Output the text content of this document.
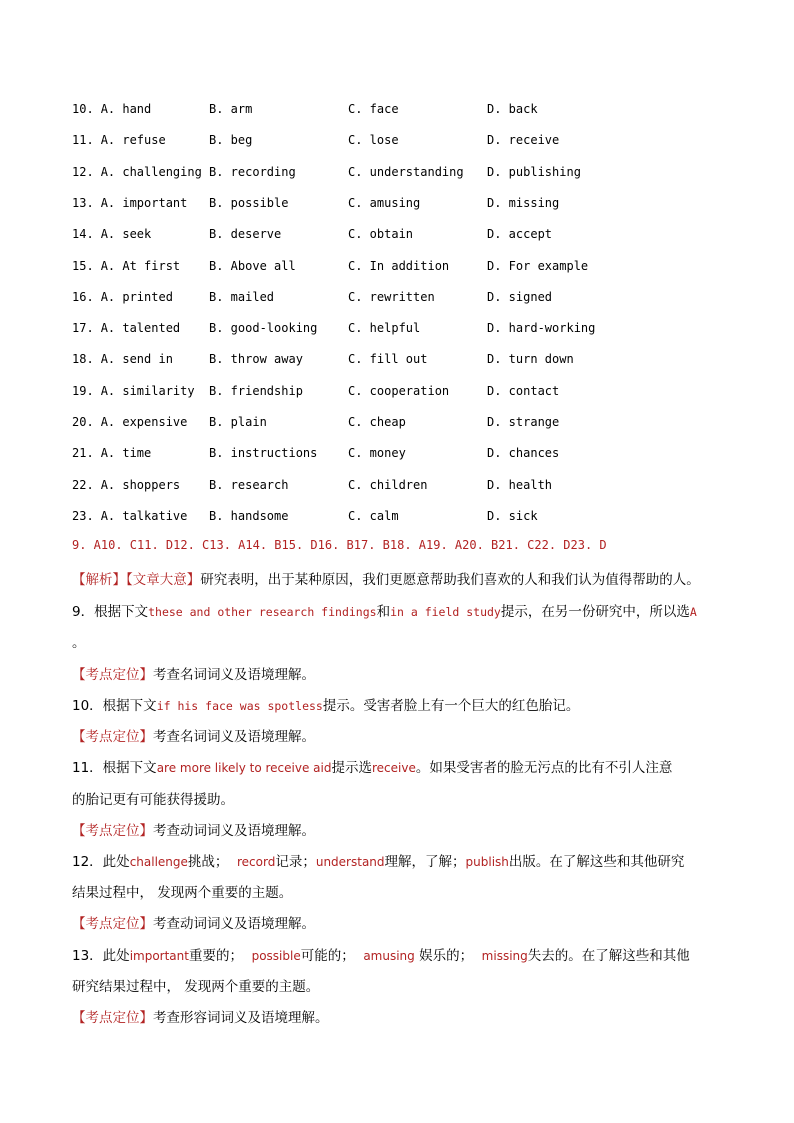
10. A. hand	B. arm	C. face	D. back
11. A. refuse	B. beg	C. lose	D. receive
12. A. challenging B. recording	C. understanding D. publishing
13. A. important B. possible	C. amusing	D. missing
14. A. seek	B. deserve	C. obtain	D. accept
15. A. At first B. Above all	C. In addition	D. For example
16. A. printed	B. mailed	C. rewritten	D. signed
17. A. talented B. good-looking	C. helpful	D. hard-working
18. A. send in	B. throw away	C. fill out	D. turn down
19. A. similarity B. friendship	C. cooperation	D. contact
20. A. expensive B. plain	C. cheap	D. strange
21. A. time	B. instructions	C. money	D. chances
22. A. shoppers B. research	C. children	D. health
23. A. talkative B. handsome	C. calm	D. sick
9. A10. C11. D12. C13. A14. B15. D16. B17. B18. A19. A20. B21. C22. D23. D
【解析】【文章大意】研究表明，出于某种原因，我们更愿意帮助我们喜欢的人和我们认为值得帮助的人。
9．根据下文these and other research findings和in a field study提示，在另一份研究中，所以选A
。
【考点定位】考查名词词义及语境理解。
10．根据下文if his face was spotless提示。受害者脸上有一个巨大的红色胎记。
【考点定位】考查名词词义及语境理解。
11．根据下文are more likely to receive aid提示选receive。如果受害者的脸无污点的比有不引人注意
的胎记更有可能获得援助。
【考点定位】考查动词词义及语境理解。
12．此处challenge挑战； record记录；understand理解，了解；publish出版。在了解这些和其他研究
结果过程中， 发现两个重要的主题。
【考点定位】考查动词词义及语境理解。
13．此处important重要的； possible可能的； amusing 娱乐的； missing失去的。在了解这些和其他
研究结果过程中， 发现两个重要的主题。
【考点定位】考查形容词词义及语境理解。
